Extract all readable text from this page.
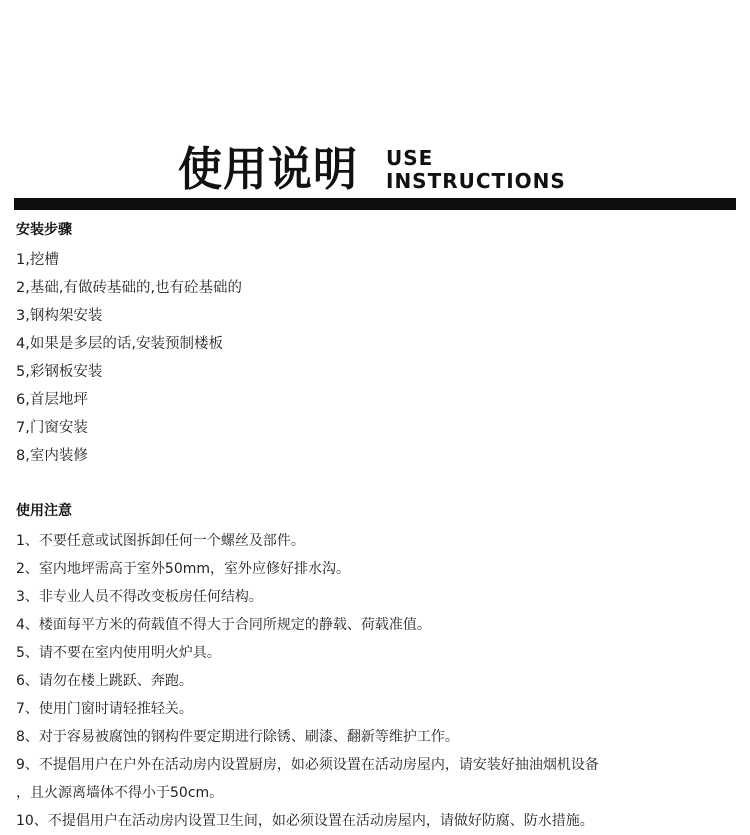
使用说明 USE
INSTRUCTIONS
安装步骤
1,挖槽
2,基础,有做砖基础的,也有砼基础的
3,钢构架安装
4,如果是多层的话,安装预制楼板
5,彩钢板安装
6,首层地坪
7,门窗安装
8,室内装修
使用注意
1、不要任意或试图拆卸任何一个螺丝及部件。
2、室内地坪需高于室外50mm，室外应修好排水沟。
3、非专业人员不得改变板房任何结构。
4、楼面每平方米的荷载值不得大于合同所规定的静载、荷载准值。
5、请不要在室内使用明火炉具。
6、请勿在楼上跳跃、奔跑。
7、使用门窗时请轻推轻关。
8、对于容易被腐蚀的钢构件要定期进行除锈、刷漆、翻新等维护工作。
9、不提倡用户在户外在活动房内设置厨房，如必须设置在活动房屋内，请安装好抽油烟机设备
，且火源离墙体不得小于50cm。
10、不提倡用户在活动房内设置卫生间，如必须设置在活动房屋内，请做好防腐、防水措施。
